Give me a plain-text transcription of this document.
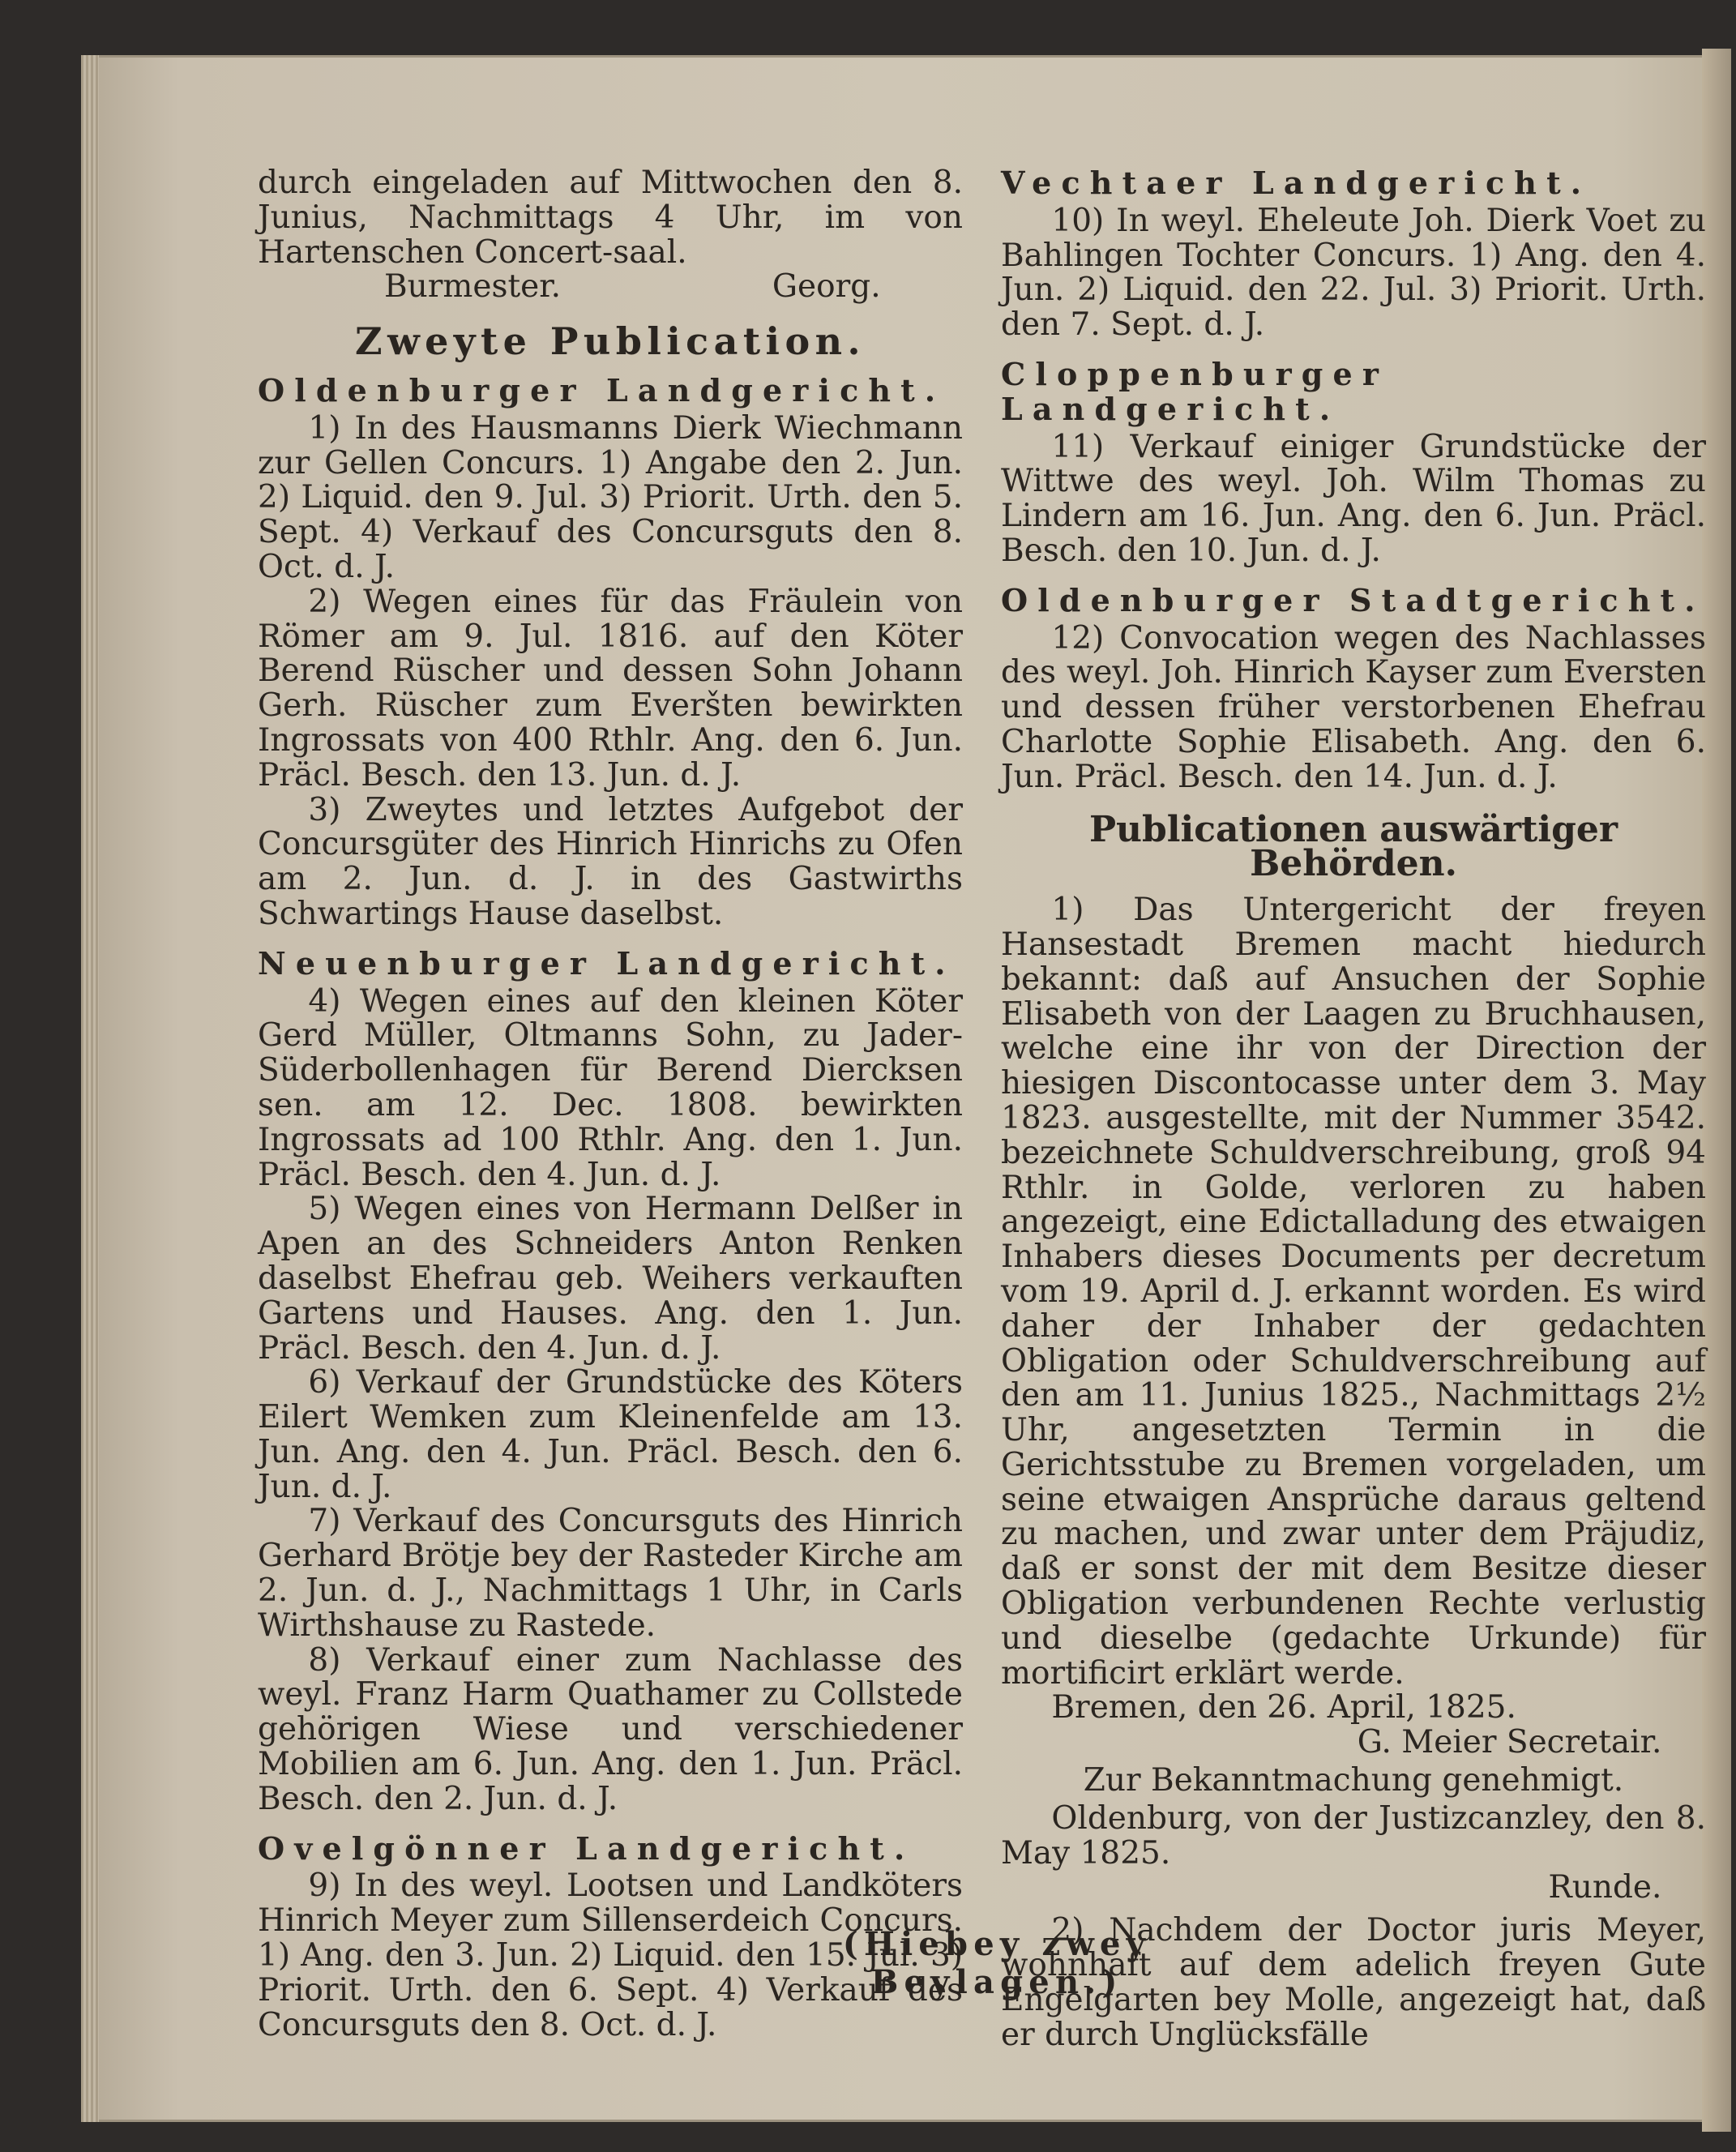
durch eingeladen auf Mittwochen den 8. Junius, Nachmittags 4 Uhr, im von Hartenschen Concert-saal.

Burmester.	Georg.
Zweyte Publication.
Oldenburger Landgericht.

1) In des Hausmanns Dierk Wiechmann zur Gellen Concurs. 1) Angabe den 2. Jun. 2) Liquid. den 9. Jul. 3) Priorit. Urth. den 5. Sept. 4) Verkauf des Concursguts den 8. Oct. d. J.

2) Wegen eines für das Fräulein von Römer am 9. Jul. 1816. auf den Köter Berend Rüscher und dessen Sohn Johann Gerh. Rüscher zum Everšten bewirkten Ingrossats von 400 Rthlr. Ang. den 6. Jun. Präcl. Besch. den 13. Jun. d. J.

3) Zweytes und letztes Aufgebot der Concursgüter des Hinrich Hinrichs zu Ofen am 2. Jun. d. J. in des Gastwirths Schwartings Hause daselbst.

Neuenburger Landgericht.

4) Wegen eines auf den kleinen Köter Gerd Müller, Oltmanns Sohn, zu Jader-Süderbollenhagen für Berend Diercksen sen. am 12. Dec. 1808. bewirkten Ingrossats ad 100 Rthlr. Ang. den 1. Jun. Präcl. Besch. den 4. Jun. d. J.

5) Wegen eines von Hermann Delßer in Apen an des Schneiders Anton Renken daselbst Ehefrau geb. Weihers verkauften Gartens und Hauses. Ang. den 1. Jun. Präcl. Besch. den 4. Jun. d. J.

6) Verkauf der Grundstücke des Köters Eilert Wemken zum Kleinenfelde am 13. Jun. Ang. den 4. Jun. Präcl. Besch. den 6. Jun. d. J.

7) Verkauf des Concursguts des Hinrich Gerhard Brötje bey der Rasteder Kirche am 2. Jun. d. J., Nachmittags 1 Uhr, in Carls Wirthshause zu Rastede.

8) Verkauf einer zum Nachlasse des weyl. Franz Harm Quathamer zu Collstede gehörigen Wiese und verschiedener Mobilien am 6. Jun. Ang. den 1. Jun. Präcl. Besch. den 2. Jun. d. J.

Ovelgönner Landgericht.

9) In des weyl. Lootsen und Landköters Hinrich Meyer zum Sillenserdeich Concurs. 1) Ang. den 3. Jun. 2) Liquid. den 15. Jul. 3) Priorit. Urth. den 6. Sept. 4) Verkauf des Concursguts den 8. Oct. d. J.

Vechtaer Landgericht.

10) In weyl. Eheleute Joh. Dierk Voet zu Bahlingen Tochter Concurs. 1) Ang. den 4. Jun. 2) Liquid. den 22. Jul. 3) Priorit. Urth. den 7. Sept. d. J.

Cloppenburger Landgericht.

11) Verkauf einiger Grundstücke der Wittwe des weyl. Joh. Wilm Thomas zu Lindern am 16. Jun. Ang. den 6. Jun. Präcl. Besch. den 10. Jun. d. J.

Oldenburger Stadtgericht.

12) Convocation wegen des Nachlasses des weyl. Joh. Hinrich Kayser zum Eversten und dessen früher verstorbenen Ehefrau Charlotte Sophie Elisabeth. Ang. den 6. Jun. Präcl. Besch. den 14. Jun. d. J.

Publicationen auswärtiger Behörden.

1) Das Untergericht der freyen Hansestadt Bremen macht hiedurch bekannt: daß auf Ansuchen der Sophie Elisabeth von der Laagen zu Bruchhausen, welche eine ihr von der Direction der hiesigen Discontocasse unter dem 3. May 1823. ausgestellte, mit der Nummer 3542. bezeichnete Schuldverschreibung, groß 94 Rthlr. in Golde, verloren zu haben angezeigt, eine Edictalladung des etwaigen Inhabers dieses Documents per decretum vom 19. April d. J. erkannt worden. Es wird daher der Inhaber der gedachten Obligation oder Schuldverschreibung auf den am 11. Junius 1825., Nachmittags 2½ Uhr, angesetzten Termin in die Gerichtsstube zu Bremen vorgeladen, um seine etwaigen Ansprüche daraus geltend zu machen, und zwar unter dem Präjudiz, daß er sonst der mit dem Besitze dieser Obligation verbundenen Rechte verlustig und dieselbe (gedachte Urkunde) für mortificirt erklärt werde.

Bremen, den 26. April, 1825.

G. Meier Secretair.

Zur Bekanntmachung genehmigt.

Oldenburg, von der Justizcanzley, den 8. May 1825.

Runde.

2) Nachdem der Doctor juris Meyer, wohnhaft auf dem adelich freyen Gute Engelgarten bey Molle, angezeigt hat, daß er durch Unglücksfälle

(Hiebey zwey Beylagen.)
